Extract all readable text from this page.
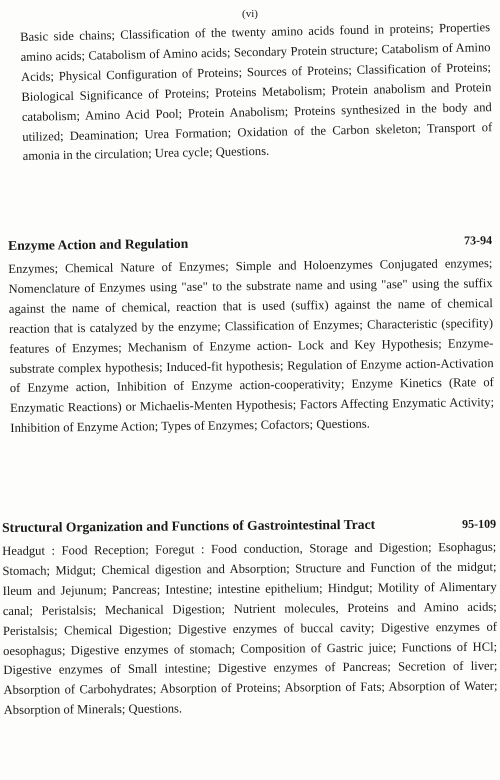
(vi)

Basic side chains; Classification of the twenty amino acids found in proteins; Properties amino acids; Catabolism of Amino acids; Secondary Protein structure; Catabolism of Amino Acids; Physical Configuration of Proteins; Sources of Proteins; Classification of Proteins; Biological Significance of Proteins; Proteins Metabolism; Protein anabolism and Protein catabolism; Amino Acid Pool; Protein Anabolism; Proteins synthesized in the body and utilized; Deamination; Urea Formation; Oxidation of the Carbon skeleton; Transport of amonia in the circulation; Urea cycle; Questions.

Enzyme Action and Regulation	73-94

Enzymes; Chemical Nature of Enzymes; Simple and Holoenzymes Conjugated enzymes; Nomenclature of Enzymes using "ase" to the substrate name and using "ase" using the suffix against the name of chemical, reaction that is used (suffix) against the name of chemical reaction that is catalyzed by the enzyme; Classification of Enzymes; Characteristic (specifity) features of Enzymes; Mechanism of Enzyme action- Lock and Key Hypothesis; Enzyme-substrate complex hypothesis; Induced-fit hypothesis; Regulation of Enzyme action-Activation of Enzyme action, Inhibition of Enzyme action-cooperativity; Enzyme Kinetics (Rate of Enzymatic Reactions) or Michaelis-Menten Hypothesis; Factors Affecting Enzymatic Activity; Inhibition of Enzyme Action; Types of Enzymes; Cofactors; Questions.

Structural Organization and Functions of Gastrointestinal Tract	95-109

Headgut : Food Reception; Foregut : Food conduction, Storage and Digestion; Esophagus; Stomach; Midgut; Chemical digestion and Absorption; Structure and Function of the midgut; Ileum and Jejunum; Pancreas; Intestine; intestine epithelium; Hindgut; Motility of Alimentary canal; Peristalsis; Mechanical Digestion; Nutrient molecules, Proteins and Amino acids; Peristalsis; Chemical Digestion; Digestive enzymes of buccal cavity; Digestive enzymes of oesophagus; Digestive enzymes of stomach; Composition of Gastric juice; Functions of HCl; Digestive enzymes of Small intestine; Digestive enzymes of Pancreas; Secretion of liver; Absorption of Carbohydrates; Absorption of Proteins; Absorption of Fats; Absorption of Water; Absorption of Minerals; Questions.
